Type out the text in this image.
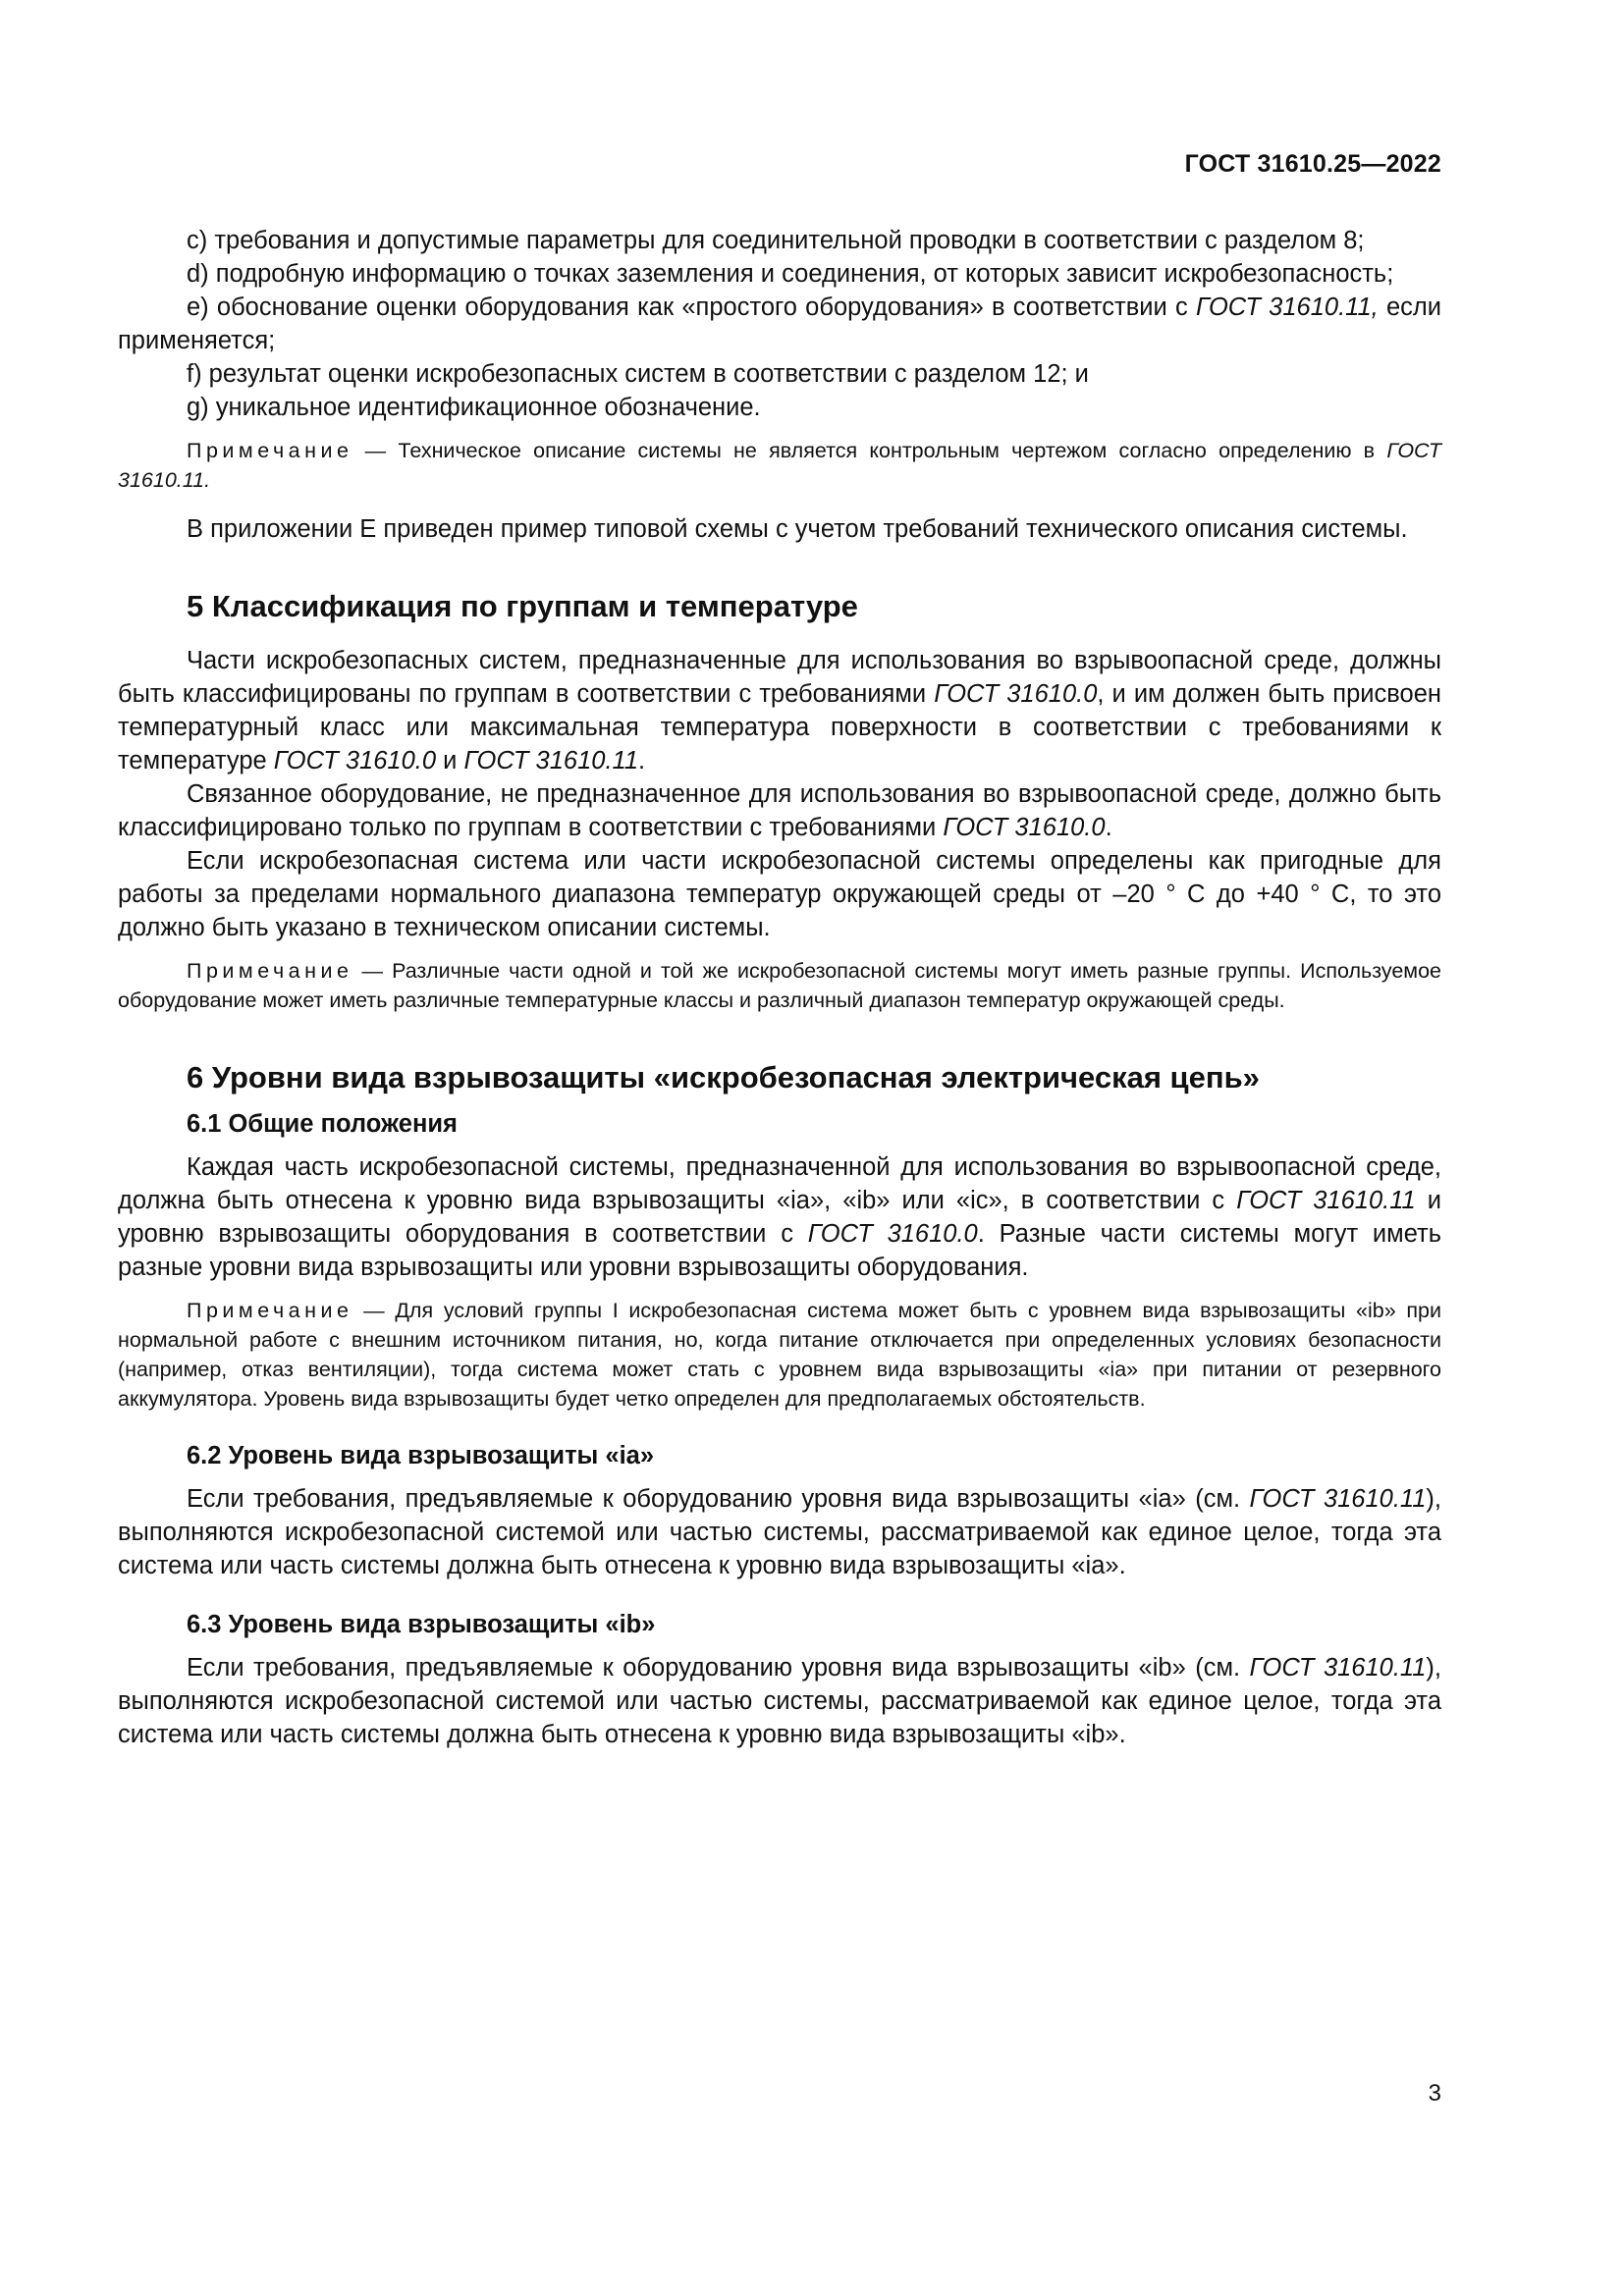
ГОСТ 31610.25—2022

c) требования и допустимые параметры для соединительной проводки в соответствии с разделом 8;

d) подробную информацию о точках заземления и соединения, от которых зависит искробезопасность;

e) обоснование оценки оборудования как «простого оборудования» в соответствии с ГОСТ 31610.11, если применяется;

f) результат оценки искробезопасных систем в соответствии с разделом 12; и

g) уникальное идентификационное обозначение.

Примечание — Техническое описание системы не является контрольным чертежом согласно определению в ГОСТ 31610.11.

В приложении Е приведен пример типовой схемы с учетом требований технического описания системы.

5 Классификация по группам и температуре

Части искробезопасных систем, предназначенные для использования во взрывоопасной среде, должны быть классифицированы по группам в соответствии с требованиями ГОСТ 31610.0, и им должен быть присвоен температурный класс или максимальная температура поверхности в соответствии с требованиями к температуре ГОСТ 31610.0 и ГОСТ 31610.11.

Связанное оборудование, не предназначенное для использования во взрывоопасной среде, должно быть классифицировано только по группам в соответствии с требованиями ГОСТ 31610.0.

Если искробезопасная система или части искробезопасной системы определены как пригодные для работы за пределами нормального диапазона температур окружающей среды от –20 ° С до +40 ° С, то это должно быть указано в техническом описании системы.

Примечание — Различные части одной и той же искробезопасной системы могут иметь разные группы. Используемое оборудование может иметь различные температурные классы и различный диапазон температур окружающей среды.

6 Уровни вида взрывозащиты «искробезопасная электрическая цепь»

6.1 Общие положения

Каждая часть искробезопасной системы, предназначенной для использования во взрывоопасной среде, должна быть отнесена к уровню вида взрывозащиты «ia», «ib» или «ic», в соответствии с ГОСТ 31610.11 и уровню взрывозащиты оборудования в соответствии с ГОСТ 31610.0. Разные части системы могут иметь разные уровни вида взрывозащиты или уровни взрывозащиты оборудования.

Примечание — Для условий группы I искробезопасная система может быть с уровнем вида взрывозащиты «ib» при нормальной работе с внешним источником питания, но, когда питание отключается при определенных условиях безопасности (например, отказ вентиляции), тогда система может стать с уровнем вида взрывозащиты «ia» при питании от резервного аккумулятора. Уровень вида взрывозащиты будет четко определен для предполагаемых обстоятельств.

6.2 Уровень вида взрывозащиты «ia»

Если требования, предъявляемые к оборудованию уровня вида взрывозащиты «ia» (см. ГОСТ 31610.11), выполняются искробезопасной системой или частью системы, рассматриваемой как единое целое, тогда эта система или часть системы должна быть отнесена к уровню вида взрывозащиты «ia».

6.3 Уровень вида взрывозащиты «ib»

Если требования, предъявляемые к оборудованию уровня вида взрывозащиты «ib» (см. ГОСТ 31610.11), выполняются искробезопасной системой или частью системы, рассматриваемой как единое целое, тогда эта система или часть системы должна быть отнесена к уровню вида взрывозащиты «ib».

3
